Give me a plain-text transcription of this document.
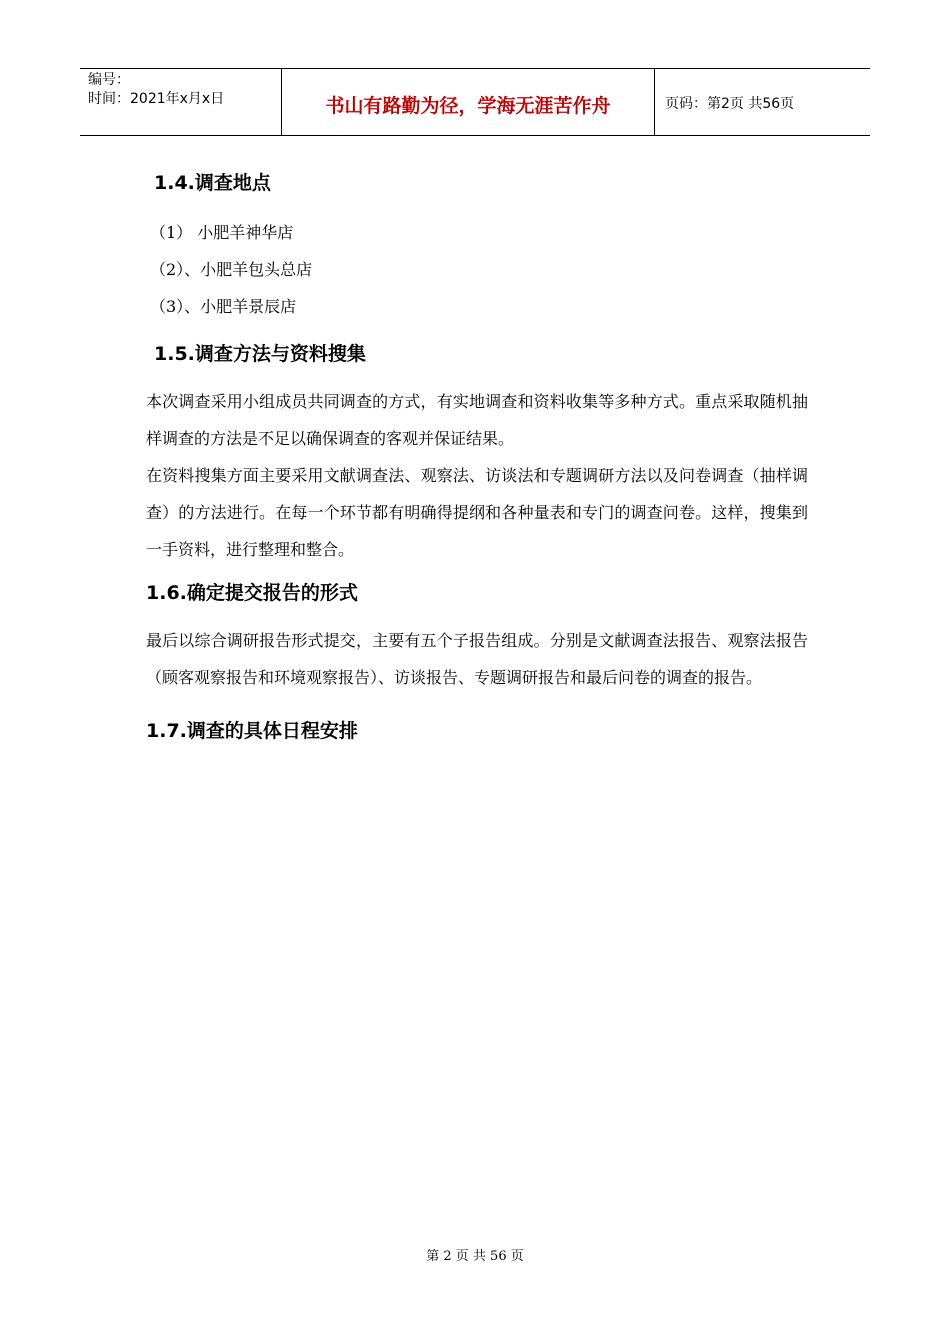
编号：
时间：2021年x月x日	书山有路勤为径，学海无涯苦作舟	页码：第2页 共56页
1.4.调查地点

（1） 小肥羊神华店

（2）、小肥羊包头总店

（3）、小肥羊景辰店

1.5.调查方法与资料搜集

本次调查采用小组成员共同调查的方式，有实地调查和资料收集等多种方式。重点采取随机抽样调查的方法是不足以确保调查的客观并保证结果。

在资料搜集方面主要采用文献调查法、观察法、访谈法和专题调研方法以及问卷调查（抽样调查）的方法进行。在每一个环节都有明确得提纲和各种量表和专门的调查问卷。这样，搜集到一手资料，进行整理和整合。

1.6.确定提交报告的形式

最后以综合调研报告形式提交，主要有五个子报告组成。分别是文献调查法报告、观察法报告（顾客观察报告和环境观察报告）、访谈报告、专题调研报告和最后问卷的调查的报告。

1.7.调查的具体日程安排
第 2 页 共 56 页
